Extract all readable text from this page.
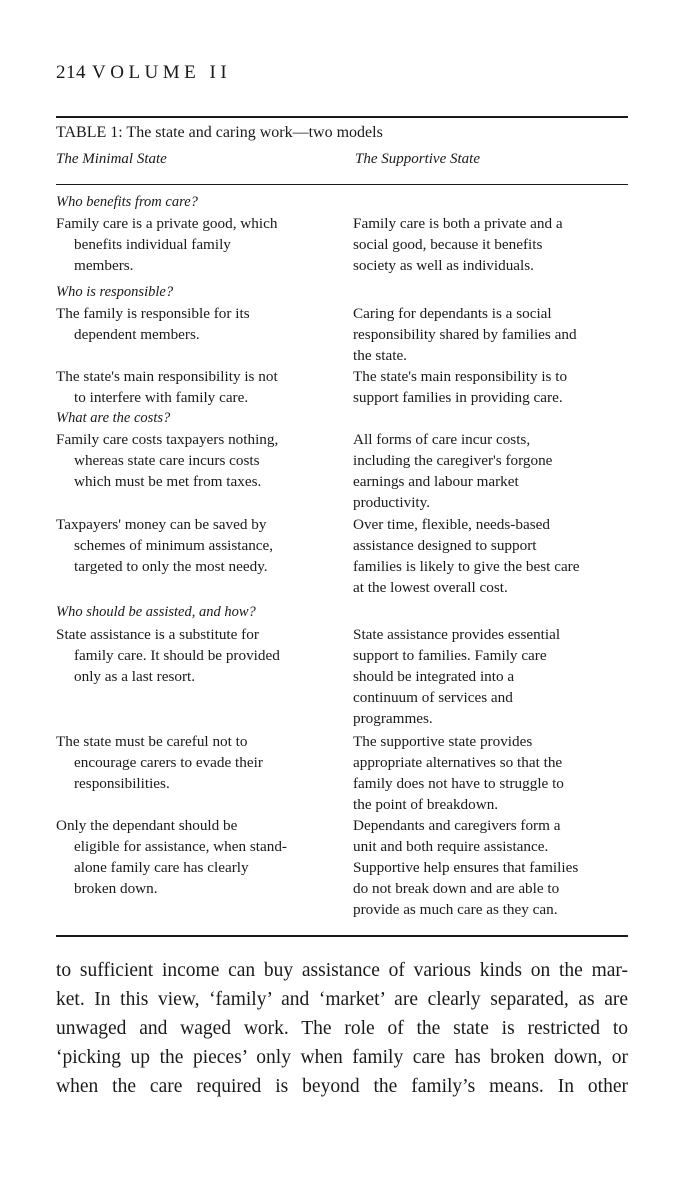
214 VOLUME II
TABLE 1: The state and caring work—two models
The Minimal State	The Supportive State
Who benefits from care?
Family care is a private good, which
benefits individual family
members.
Family care is both a private and a
social good, because it benefits
society as well as individuals.
Who is responsible?
The family is responsible for its
dependent members.
Caring for dependants is a social
responsibility shared by families and
the state.
The state's main responsibility is not
to interfere with family care.
The state's main responsibility is to
support families in providing care.
What are the costs?
Family care costs taxpayers nothing,
whereas state care incurs costs
which must be met from taxes.
All forms of care incur costs,
including the caregiver's forgone
earnings and labour market
productivity.
Taxpayers' money can be saved by
schemes of minimum assistance,
targeted to only the most needy.
Over time, flexible, needs-based
assistance designed to support
families is likely to give the best care
at the lowest overall cost.
Who should be assisted, and how?
State assistance is a substitute for
family care. It should be provided
only as a last resort.
State assistance provides essential
support to families. Family care
should be integrated into a
continuum of services and
programmes.
The state must be careful not to
encourage carers to evade their
responsibilities.
The supportive state provides
appropriate alternatives so that the
family does not have to struggle to
the point of breakdown.
Only the dependant should be
eligible for assistance, when stand-
alone family care has clearly
broken down.
Dependants and caregivers form a
unit and both require assistance.
Supportive help ensures that families
do not break down and are able to
provide as much care as they can.
to sufficient income can buy assistance of various kinds on the mar-
ket. In this view, ‘family’ and ‘market’ are clearly separated, as are
unwaged and waged work. The role of the state is restricted to
‘picking up the pieces’ only when family care has broken down, or
when the care required is beyond the family’s means. In other
